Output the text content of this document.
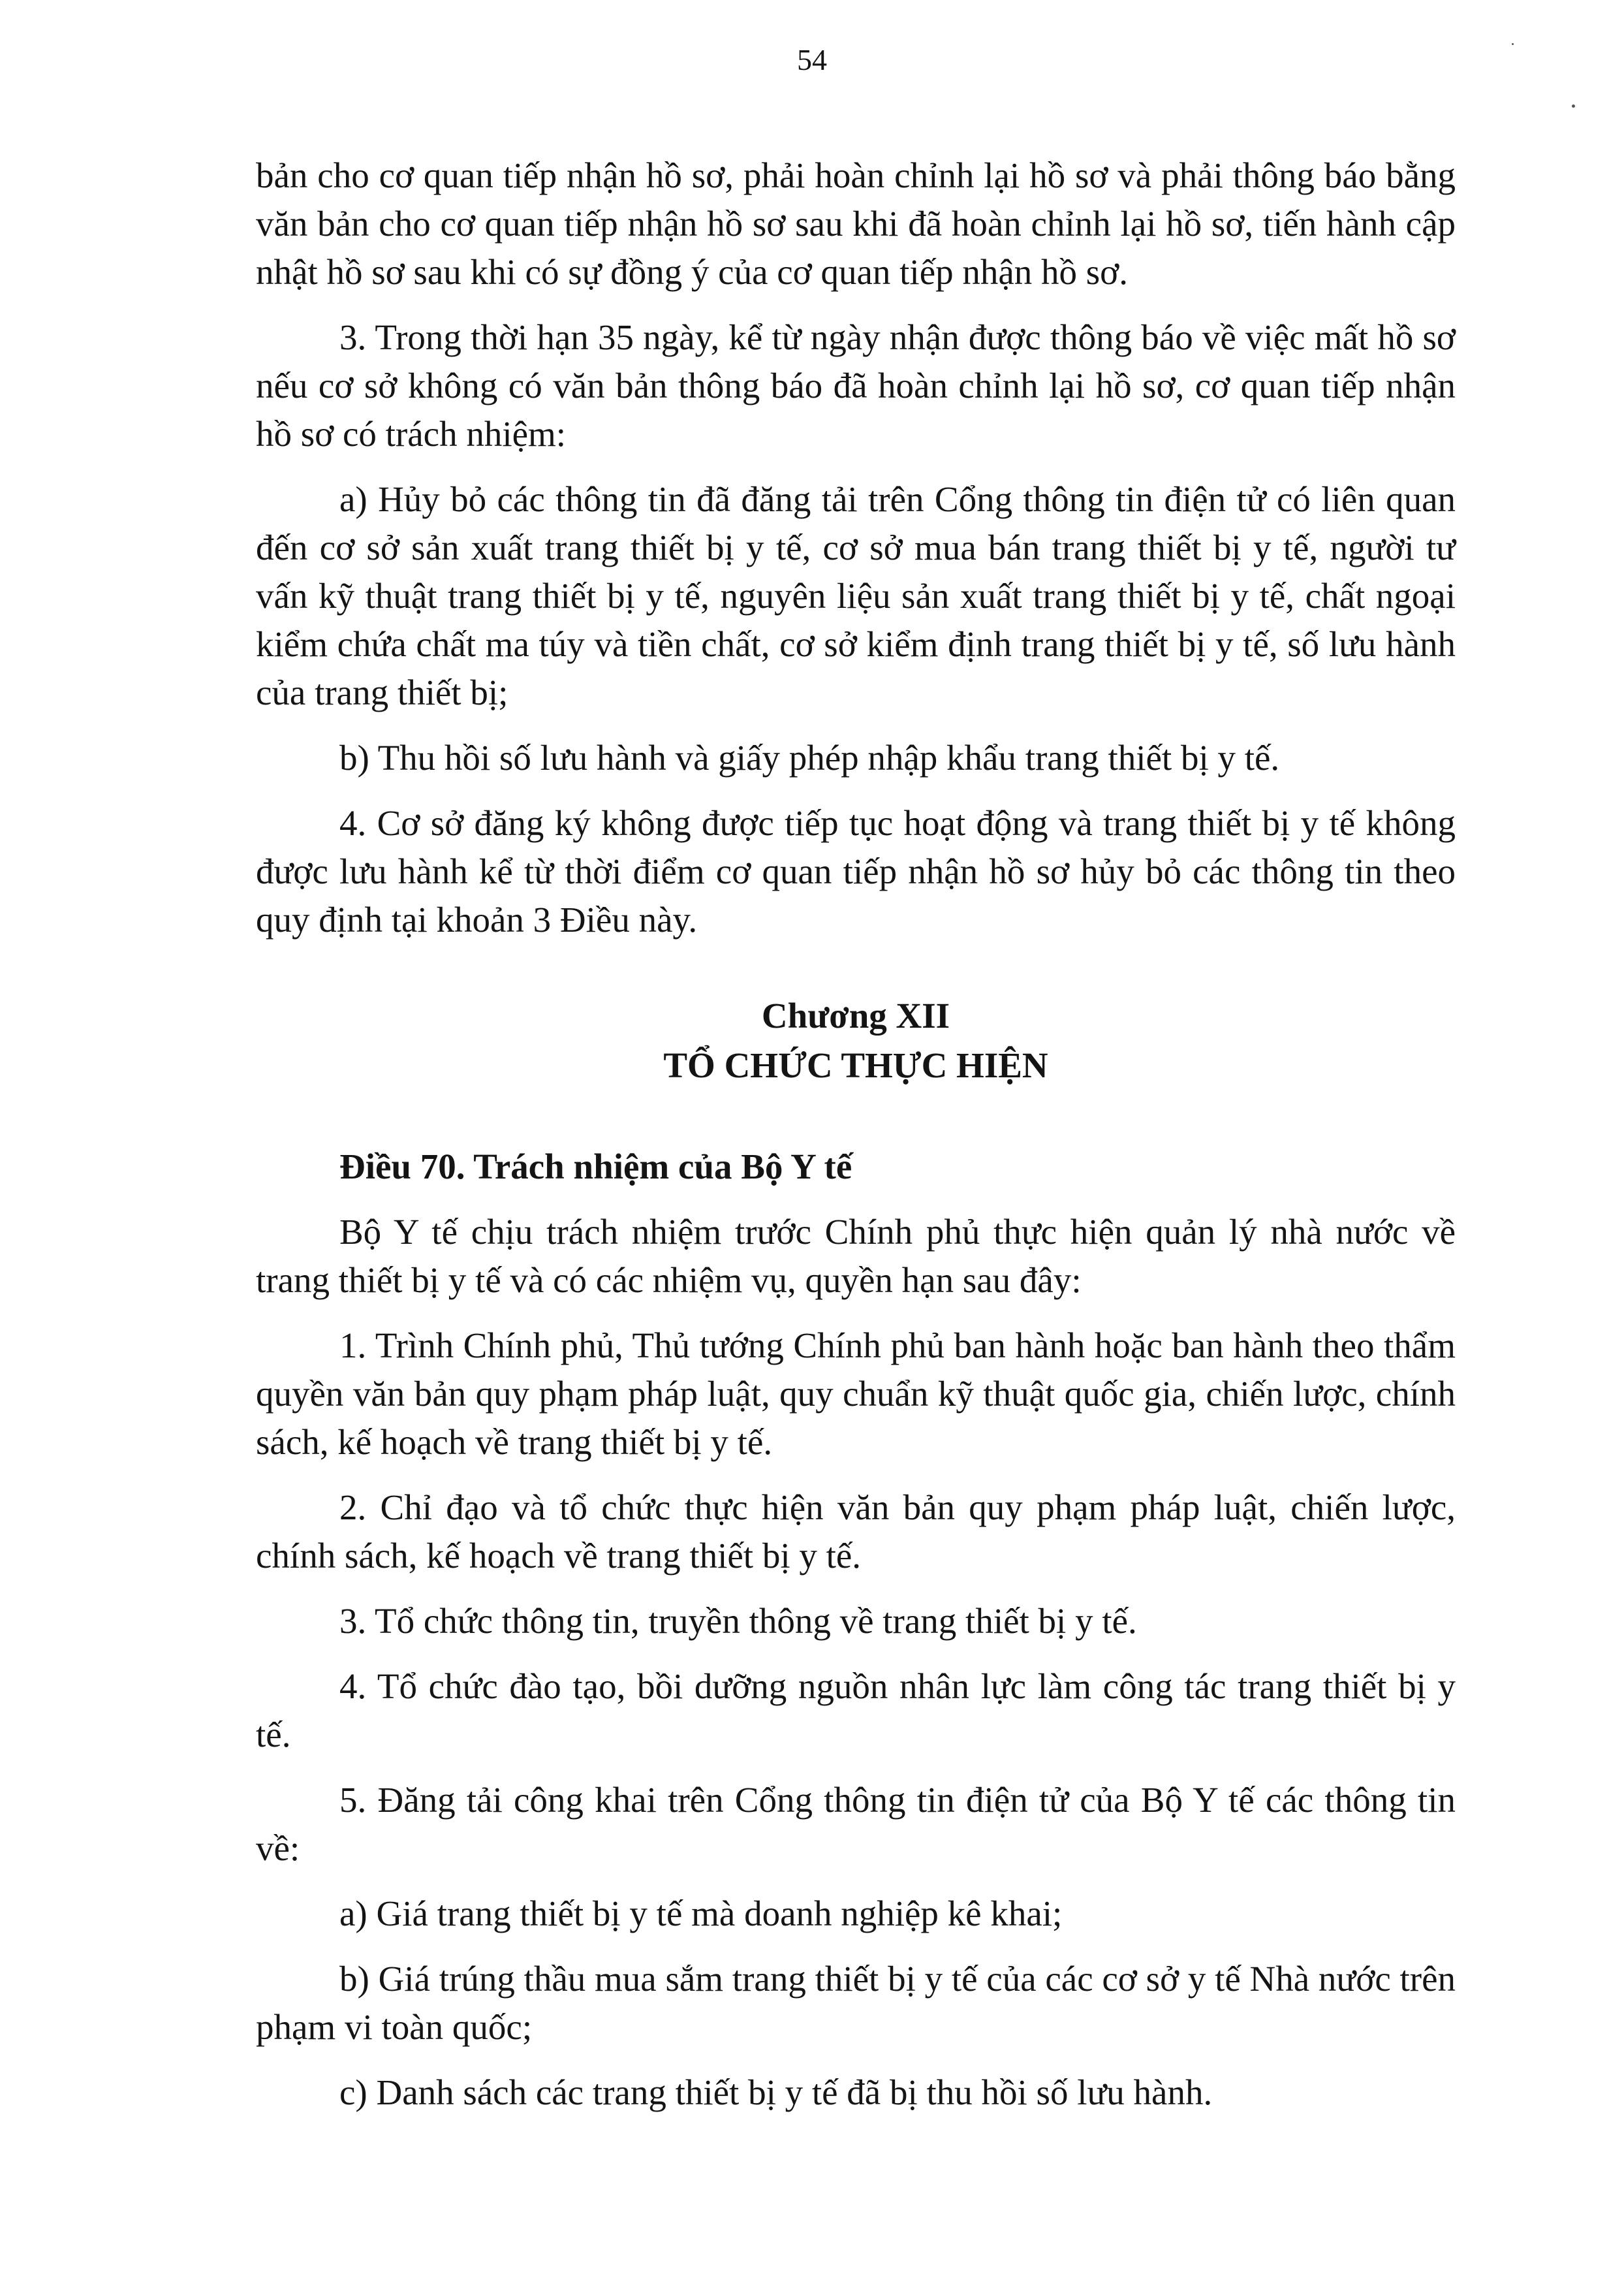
54

bản cho cơ quan tiếp nhận hồ sơ, phải hoàn chỉnh lại hồ sơ và phải thông báo bằng văn bản cho cơ quan tiếp nhận hồ sơ sau khi đã hoàn chỉnh lại hồ sơ, tiến hành cập nhật hồ sơ sau khi có sự đồng ý của cơ quan tiếp nhận hồ sơ.

3. Trong thời hạn 35 ngày, kể từ ngày nhận được thông báo về việc mất hồ sơ nếu cơ sở không có văn bản thông báo đã hoàn chỉnh lại hồ sơ, cơ quan tiếp nhận hồ sơ có trách nhiệm:

a) Hủy bỏ các thông tin đã đăng tải trên Cổng thông tin điện tử có liên quan đến cơ sở sản xuất trang thiết bị y tế, cơ sở mua bán trang thiết bị y tế, người tư vấn kỹ thuật trang thiết bị y tế, nguyên liệu sản xuất trang thiết bị y tế, chất ngoại kiểm chứa chất ma túy và tiền chất, cơ sở kiểm định trang thiết bị y tế, số lưu hành của trang thiết bị;

b) Thu hồi số lưu hành và giấy phép nhập khẩu trang thiết bị y tế.

4. Cơ sở đăng ký không được tiếp tục hoạt động và trang thiết bị y tế không được lưu hành kể từ thời điểm cơ quan tiếp nhận hồ sơ hủy bỏ các thông tin theo quy định tại khoản 3 Điều này.

Chương XII
TỔ CHỨC THỰC HIỆN
Điều 70. Trách nhiệm của Bộ Y tế

Bộ Y tế chịu trách nhiệm trước Chính phủ thực hiện quản lý nhà nước về trang thiết bị y tế và có các nhiệm vụ, quyền hạn sau đây:

1. Trình Chính phủ, Thủ tướng Chính phủ ban hành hoặc ban hành theo thẩm quyền văn bản quy phạm pháp luật, quy chuẩn kỹ thuật quốc gia, chiến lược, chính sách, kế hoạch về trang thiết bị y tế.

2. Chỉ đạo và tổ chức thực hiện văn bản quy phạm pháp luật, chiến lược, chính sách, kế hoạch về trang thiết bị y tế.

3. Tổ chức thông tin, truyền thông về trang thiết bị y tế.

4. Tổ chức đào tạo, bồi dưỡng nguồn nhân lực làm công tác trang thiết bị y tế.

5. Đăng tải công khai trên Cổng thông tin điện tử của Bộ Y tế các thông tin về:

a) Giá trang thiết bị y tế mà doanh nghiệp kê khai;

b) Giá trúng thầu mua sắm trang thiết bị y tế của các cơ sở y tế Nhà nước trên phạm vi toàn quốc;

c) Danh sách các trang thiết bị y tế đã bị thu hồi số lưu hành.
